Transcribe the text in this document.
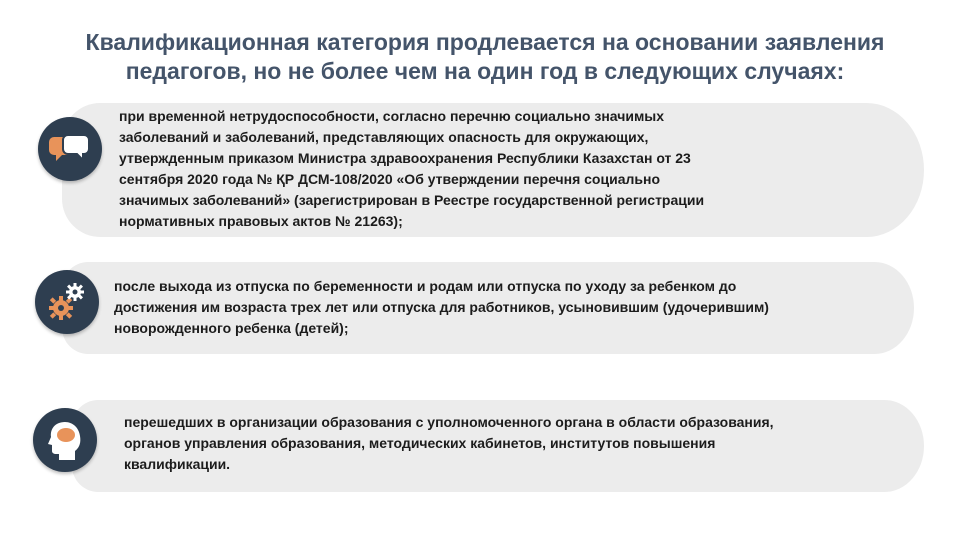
Квалификационная категория продлевается на основании заявления
педагогов, но не более чем на один год в следующих случаях:
при временной нетрудоспособности, согласно перечню социально значимых
заболеваний и заболеваний, представляющих опасность для окружающих,
утвержденным приказом Министра здравоохранения Республики Казахстан от 23
сентября 2020 года № ҚР ДСМ-108/2020 «Об утверждении перечня социально
значимых заболеваний» (зарегистрирован в Реестре государственной регистрации
нормативных правовых актов № 21263);
после выхода из отпуска по беременности и родам или отпуска по уходу за ребенком до
достижения им возраста трех лет или отпуска для работников, усыновившим (удочерившим)
новорожденного ребенка (детей);
перешедших в организации образования с уполномоченного органа в области образования,
органов управления образования, методических кабинетов, институтов повышения
квалификации.
